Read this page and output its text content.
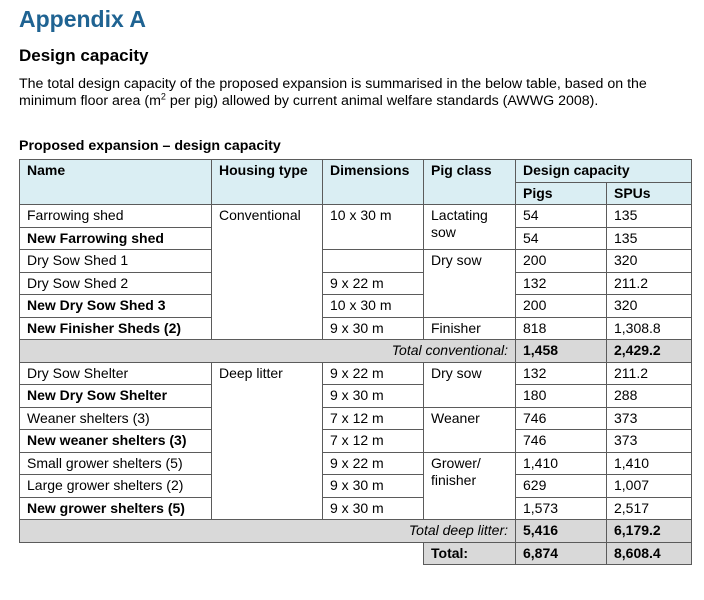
Appendix A
Design capacity
The total design capacity of the proposed expansion is summarised in the below table, based on the minimum floor area ($m^2$ per pig) allowed by current animal welfare standards (AWWG 2008).
Proposed expansion – design capacity
Name	Housing type	Dimensions	Pig class	Design capacity	
				Pigs	SPUs
Farrowing shed	Conventional	10 x 30 m	Lactating sow	54	135
New Farrowing shed				54	135
Dry Sow Shed 1			Dry sow	200	320
Dry Sow Shed 2		9 x 22 m		132	211.2
New Dry Sow Shed 3		10 x 30 m		200	320
New Finisher Sheds (2)		9 x 30 m	Finisher	818	1,308.8
Total conventional:				1,458	2,429.2
Dry Sow Shelter	Deep litter	9 x 22 m	Dry sow	132	211.2
New Dry Sow Shelter		9 x 30 m		180	288
Weaner shelters (3)		7 x 12 m	Weaner	746	373
New weaner shelters (3)		7 x 12 m		746	373
Small grower shelters (5)		9 x 22 m	Grower/ finisher	1,410	1,410
Large grower shelters (2)		9 x 30 m		629	1,007
New grower shelters (5)		9 x 30 m		1,573	2,517
Total deep litter:				5,416	6,179.2
			Total:	6,874	8,608.4
